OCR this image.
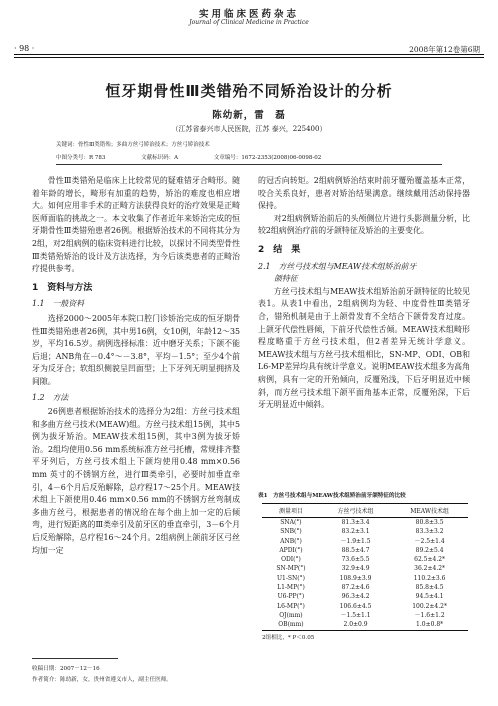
实用临床医药杂志
Journal of Clinical Medicine in Practice
· 98 ·	2008年第12卷第6期
恒牙期骨性Ⅲ类错殆不同矫治设计的分析
陈幼新，雷　磊
（江苏省泰兴市人民医院，江苏 泰兴，225400）
关键词：骨性Ⅲ类错殆；多曲方丝弓矫治技术；方丝弓矫治技术
中图分类号：R 783	文献标识码：A	文章编号：1672-2353(2008)06-0098-02

骨性Ⅲ类错殆是临床上比较常见的疑难错牙合畸形。随着年龄的增长，畸形有加重的趋势，矫治的难度也相应增大。如何应用非手术的正畸方法获得良好的治疗效果是正畸医师面临的挑战之一。本文收集了作者近年来矫治完成的恒牙期骨性Ⅲ类错殆患者26例。根据矫治技术的不同将其分为2组，对2组病例的临床资料进行比较，以探讨不同类型骨性Ⅲ类错殆矫治的设计及方法选择，为今后该类患者的正畸治疗提供参考。

1　资料与方法

1.1　一般资料

选择2000～2005年本院口腔门诊矫治完成的恒牙期骨性Ⅲ类错殆患者26例，其中男16例，女10例，年龄12～35岁，平均16.5岁。病例选择标准：近中磨牙关系；下颌不能后退；ANB角在－0.4°～－3.8°，平均－1.5°；至少4个前牙为反牙合；软组织侧貌呈凹面型；上下牙列无明显拥挤及间隙。

1.2　方法

26例患者根据矫治技术的选择分为2组：方丝弓技术组和多曲方丝弓技术(MEAW)组。方丝弓技术组15例，其中5例为拔牙矫治。MEAW技术组15例，其中3例为拔牙矫治。2组均使用0.56 mm系统标准方丝弓托槽，常规排齐整平牙列后，方丝弓技术组上下颌均使用0.48 mm×0.56 mm 英寸的不锈钢方丝，进行Ⅲ类牵引，必要时加垂直牵引，4－6个月后反殆解除，总疗程17～25个月。MEAW技术组上下颌使用0.46 mm×0.56 mm的不锈钢方丝弯制成多曲方丝弓，根据患者的情况给在每个曲上加一定的后倾弯，进行短距离的Ⅲ类牵引及前牙区的垂直牵引，3－6个月后反殆解除，总疗程16～24个月。2组病例上颌前牙区弓丝均加一定

的冠舌向转矩。2组病例矫治结束时前牙覆殆覆盖基本正常，咬合关系良好，患者对矫治结果满意。继续戴用活动保持器保持。

对2组病例矫治前后的头颅侧位片进行头影测量分析，比较2组病例治疗前的牙颌特征及矫治的主要变化。

2　结　果

2.1　方丝弓技术组与MEAW技术组矫治前牙

颌特征

方丝弓技术组与MEAW技术组矫治前牙颌特征的比较见表1。从表1中看出，2组病例均为轻、中度骨性Ⅲ类错牙合，错殆机制是由于上颌骨发育不全结合下颌骨发育过度。上颌牙代偿性唇倾，下前牙代偿性舌倾。MEAW技术组畸形程度略重于方丝弓技术组，但2者差异无统计学意义。MEAW技术组与方丝弓技术组相比，SN-MP、ODI、OB和L6-MP差异均具有统计学意义。说明MEAW技术组多为高角病例，具有一定的开殆倾向，反覆殆浅，下后牙明显近中倾斜，而方丝弓技术组下颌平面角基本正常，反覆殆深，下后牙无明显近中倾斜。

表1　方丝弓技术组与MEAW技术组矫治前牙颌特征的比较
测量项目	方丝弓技术组	MEAW技术组
SNA(°)	81.3±3.4	80.8±3.5
SNB(°)	83.2±3.1	83.3±3.2
ANB(°)	－1.9±1.5	－2.5±1.4
APDI(°)	88.5±4.7	89.2±5.4
ODI(°)	73.6±5.5	62.5±4.2*
SN-MP(°)	32.9±4.9	36.2±4.2*
U1-SN(°)	108.9±3.9	110.2±3.6
L1-MP(°)	87.2±4.6	85.8±4.5
U6-PP(°)	96.3±4.2	94.5±4.1
L6-MP(°)	106.6±4.5	100.2±4.2*
OJ(mm)	－1.5±1.1	－1.6±1.2
OB(mm)	2.0±0.9	1.0±0.8*
2组相比，* P＜0.05
收稿日期：2007－12－16
作者简介：陈幼新，女，贵州省遵义市人，副主任医师。
